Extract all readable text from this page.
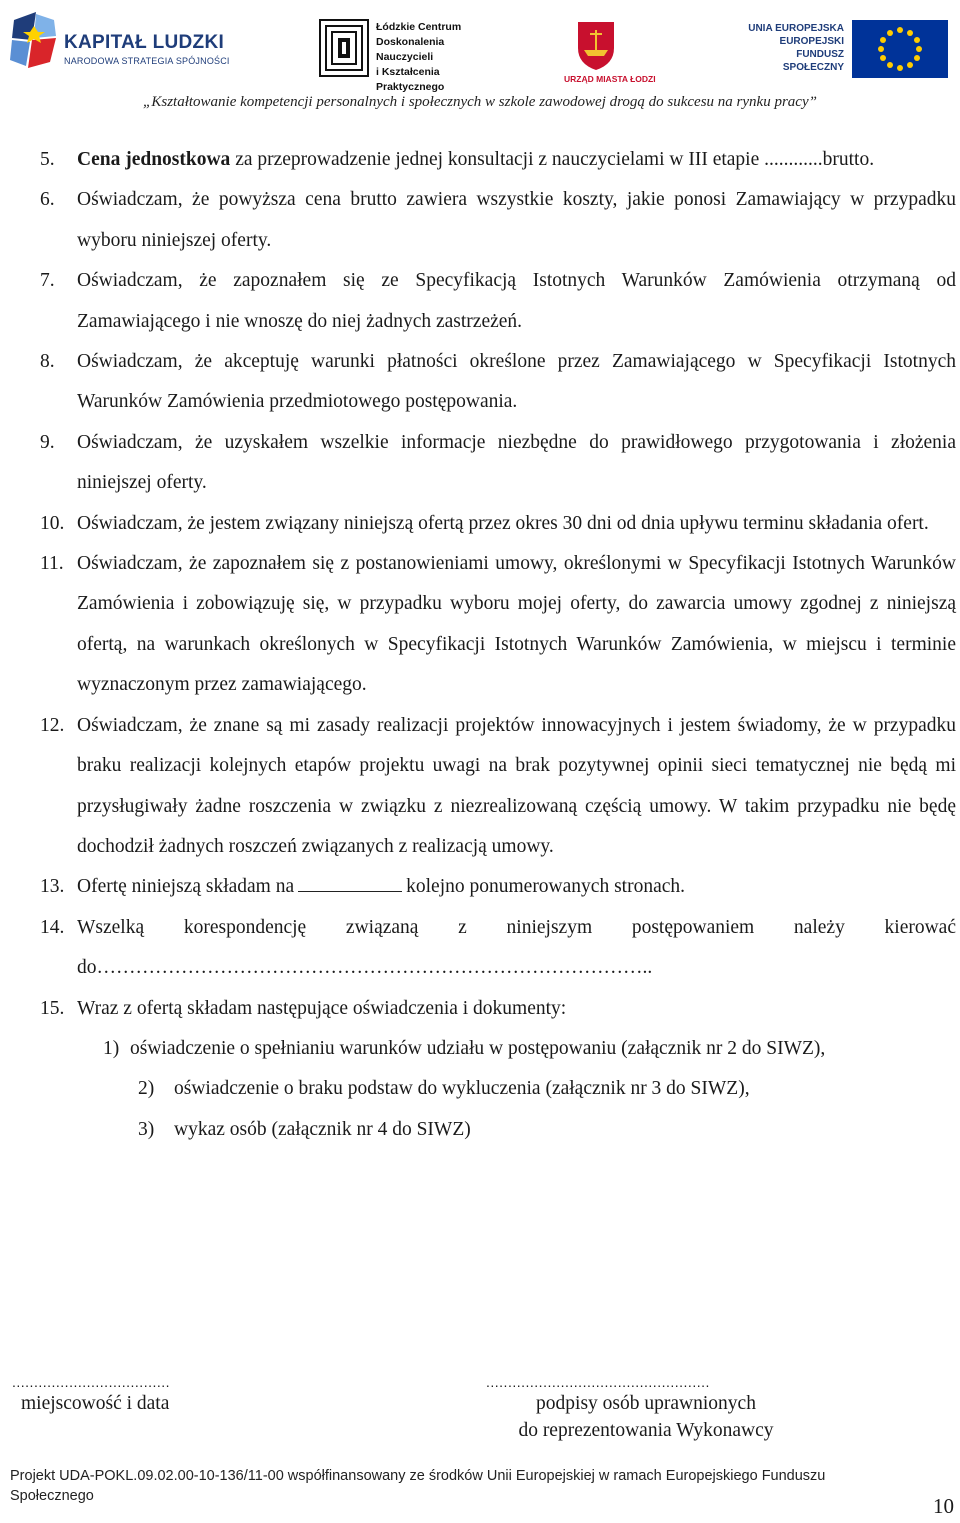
KAPITAŁ LUDZKI
NARODOWA STRATEGIA SPÓJNOŚCI
Łódzkie Centrum
Doskonalenia Nauczycieli
i Kształcenia Praktycznego
URZĄD MIASTA ŁODZI
UNIA EUROPEJSKA
EUROPEJSKI
FUNDUSZ SPOŁECZNY
„Kształtowanie kompetencji personalnych i społecznych w szkole zawodowej drogą do sukcesu na rynku pracy”
5. Cena jednostkowa za przeprowadzenie jednej konsultacji z nauczycielami w III etapie ............brutto.
6. Oświadczam, że powyższa cena brutto zawiera wszystkie koszty, jakie ponosi Zamawiający w przypadku wyboru niniejszej oferty.
7. Oświadczam, że zapoznałem się ze Specyfikacją Istotnych Warunków Zamówienia otrzymaną od Zamawiającego i nie wnoszę do niej żadnych zastrzeżeń.
8. Oświadczam, że akceptuję warunki płatności określone przez Zamawiającego w Specyfikacji Istotnych Warunków Zamówienia przedmiotowego postępowania.
9. Oświadczam, że uzyskałem wszelkie informacje niezbędne do prawidłowego przygotowania i złożenia niniejszej oferty.
10. Oświadczam, że jestem związany niniejszą ofertą przez okres 30 dni od dnia upływu terminu składania ofert.
11. Oświadczam, że zapoznałem się z postanowieniami umowy, określonymi w Specyfikacji Istotnych Warunków Zamówienia i zobowiązuję się, w przypadku wyboru mojej oferty, do zawarcia umowy zgodnej z niniejszą ofertą, na warunkach określonych w Specyfikacji Istotnych Warunków Zamówienia, w miejscu i terminie wyznaczonym przez zamawiającego.
12. Oświadczam, że znane są mi zasady realizacji projektów innowacyjnych i jestem świadomy, że w przypadku braku realizacji kolejnych etapów projektu uwagi na brak pozytywnej opinii sieci tematycznej nie będą mi przysługiwały żadne roszczenia w związku z niezrealizowaną częścią umowy. W takim przypadku nie będę dochodził żadnych roszczeń związanych z realizacją umowy.
13. Ofertę niniejszą składam na	kolejno ponumerowanych stronach.
14. Wszelką korespondencję związaną z niniejszym postępowaniem należy kierować do…………………………………………………………………………..
15. Wraz z ofertą składam następujące oświadczenia i dokumenty:
1) oświadczenie o spełnianiu warunków udziału w postępowaniu (załącznik nr 2 do SIWZ),
2) oświadczenie o braku podstaw do wykluczenia (załącznik nr 3 do SIWZ),
3) wykaz osób (załącznik nr 4 do SIWZ)
....................................
miejscowość i data
...................................................
podpisy osób uprawnionych
do reprezentowania Wykonawcy
Projekt UDA-POKL.09.02.00-10-136/11-00 współfinansowany ze środków Unii Europejskiej w ramach Europejskiego Funduszu Społecznego	10
